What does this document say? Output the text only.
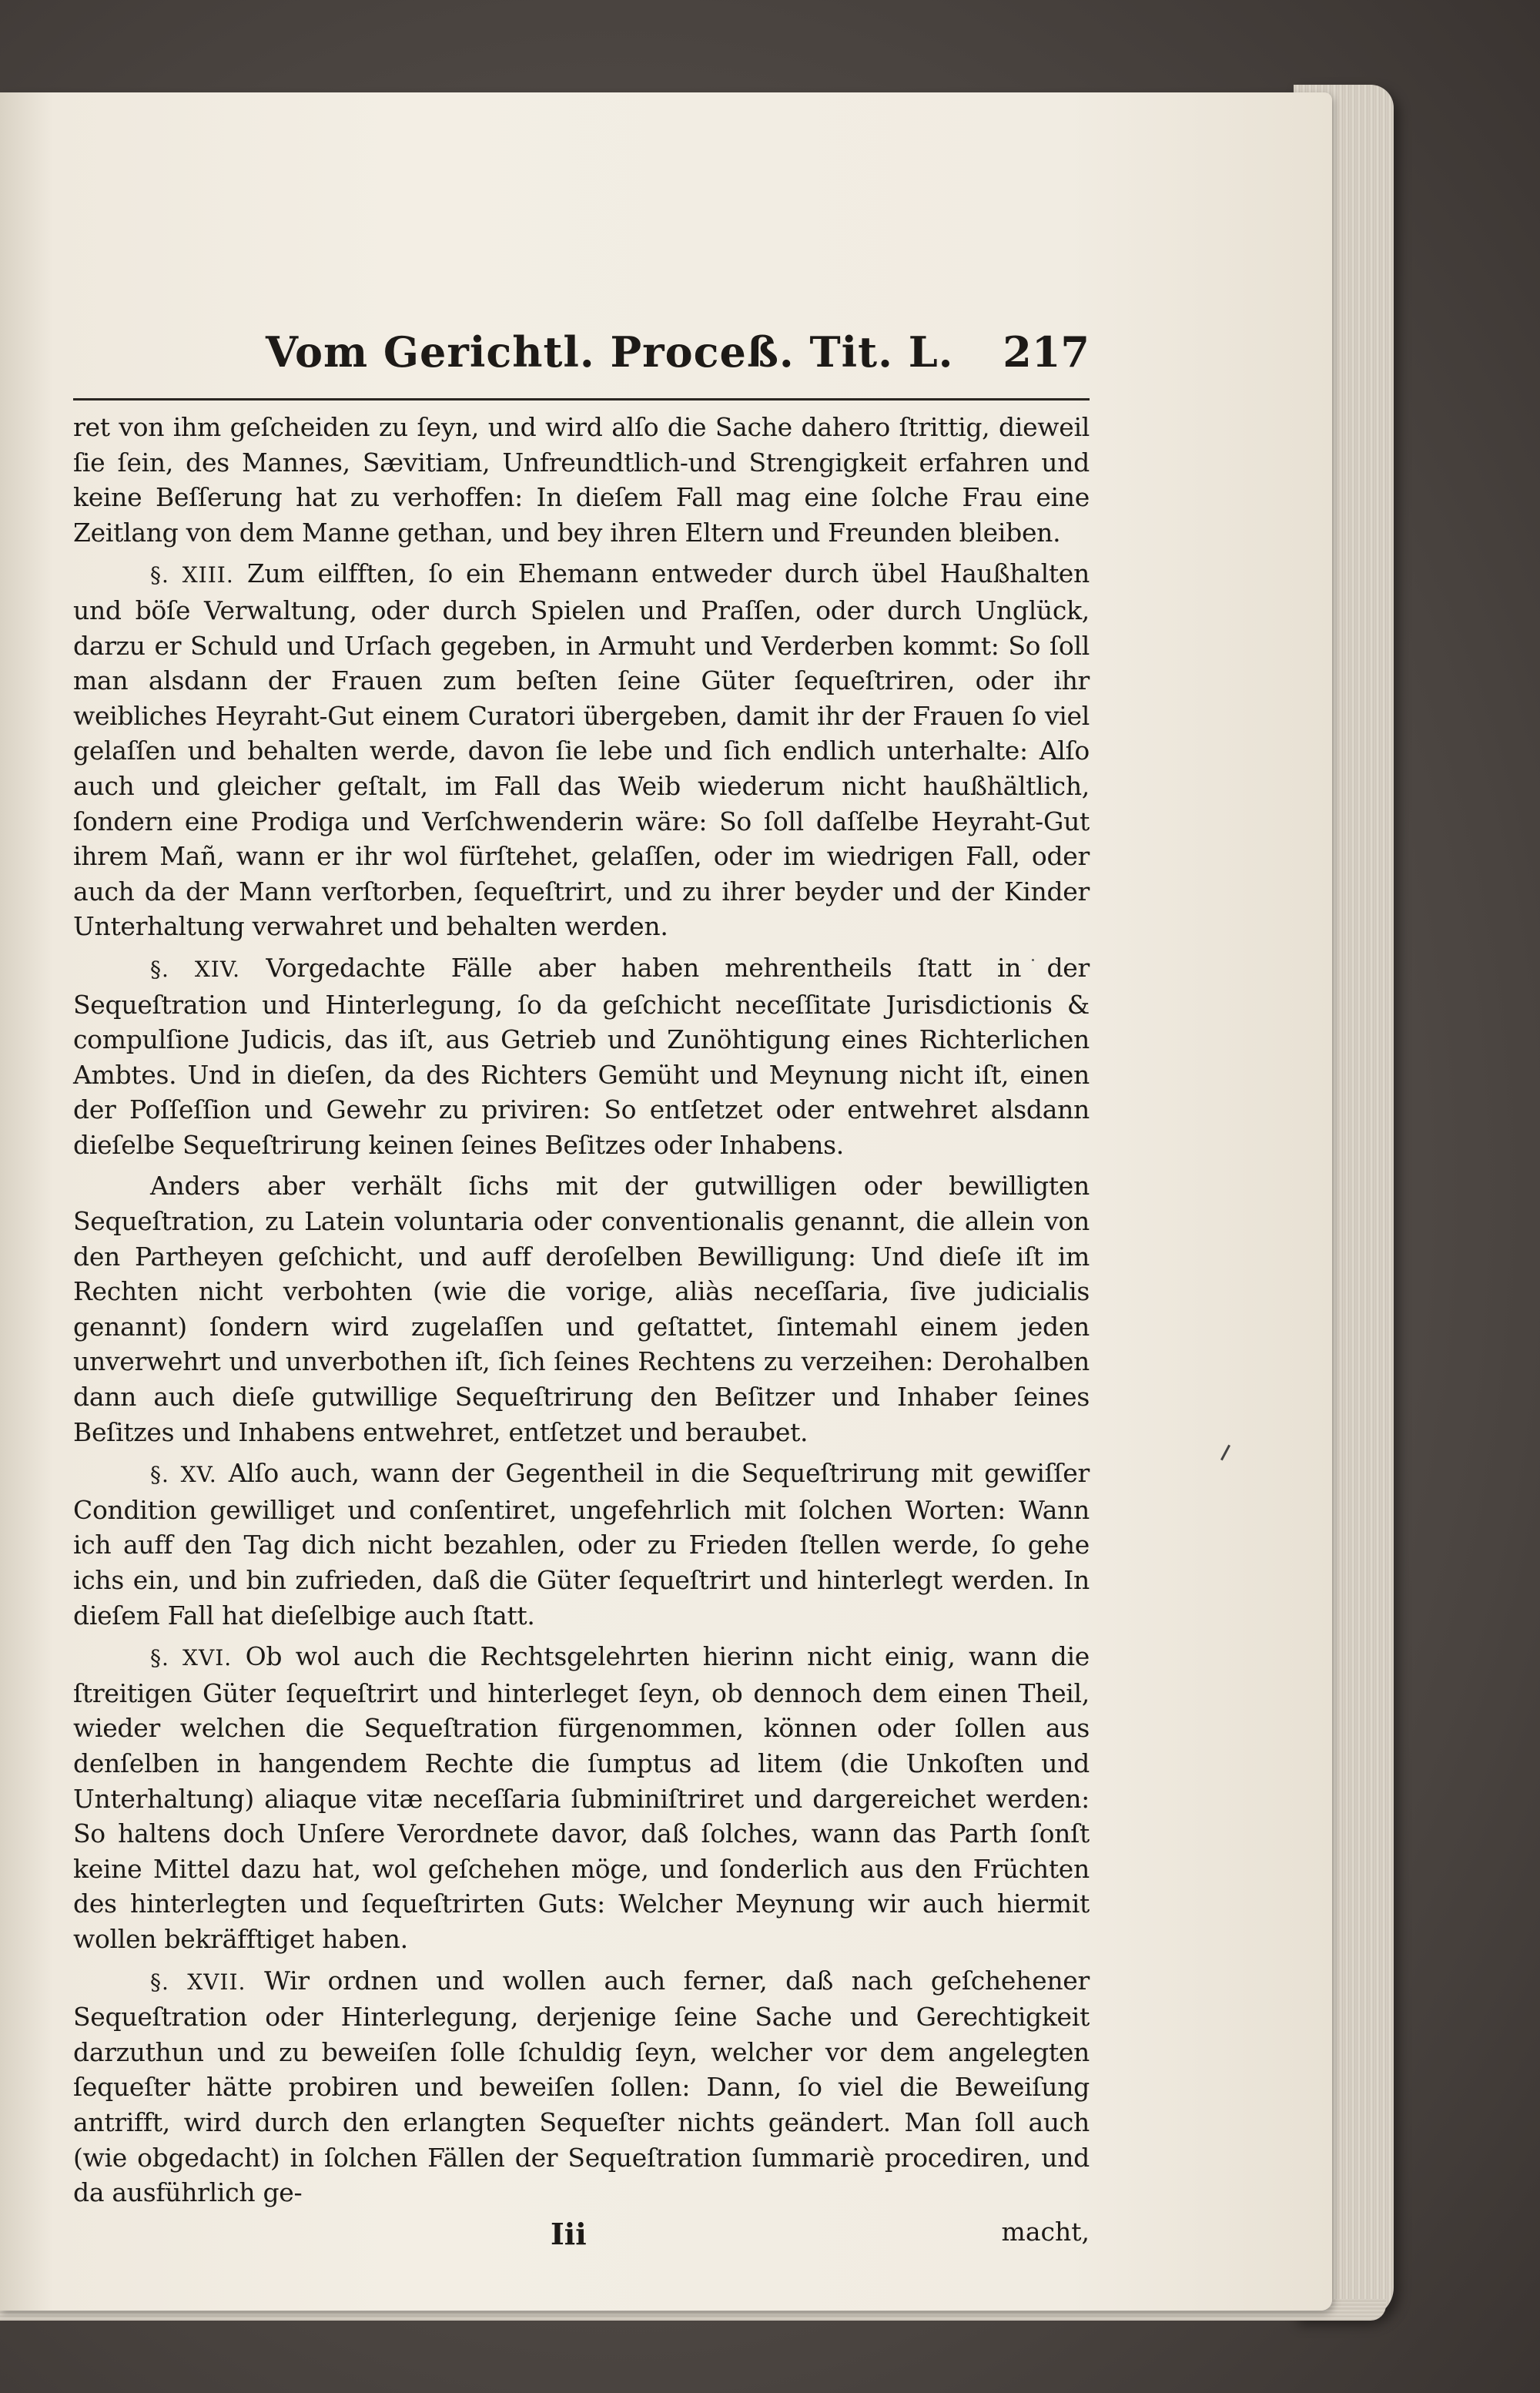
Vom Gerichtl. Proceß. Tit. L. 217

ret von ihm geſcheiden zu ſeyn, und wird alſo die Sache dahero ſtrittig, dieweil ſie ſein, des Mannes, Sævitiam, Unfreundtlich-und Strengigkeit erfahren und keine Beſſerung hat zu verhoffen: In dieſem Fall mag eine ſolche Frau eine Zeitlang von dem Manne gethan, und bey ihren Eltern und Freunden bleiben.

§. XIII. Zum eilfften, ſo ein Ehemann entweder durch übel Haußhalten und böſe Verwaltung, oder durch Spielen und Praſſen, oder durch Unglück, darzu er Schuld und Urſach gegeben, in Armuht und Verderben kommt: So ſoll man alsdann der Frauen zum beſten ſeine Güter ſequeſtriren, oder ihr weibliches Heyraht-Gut einem Curatori übergeben, damit ihr der Frauen ſo viel gelaſſen und behalten werde, davon ſie lebe und ſich endlich unterhalte: Alſo auch und gleicher geſtalt, im Fall das Weib wiederum nicht haußhältlich, ſondern eine Prodiga und Verſchwenderin wäre: So ſoll daſſelbe Heyraht-Gut ihrem Mañ, wann er ihr wol fürſtehet, gelaſſen, oder im wiedrigen Fall, oder auch da der Mann verſtorben, ſequeſtrirt, und zu ihrer beyder und der Kinder Unterhaltung verwahret und behalten werden.

§. XIV. Vorgedachte Fälle aber haben mehrentheils ſtatt in der Sequeſtration und Hinterlegung, ſo da geſchicht neceſſitate Jurisdictionis & compulſione Judicis, das iſt, aus Getrieb und Zunöhtigung eines Richterlichen Ambtes. Und in dieſen, da des Richters Gemüht und Meynung nicht iſt, einen der Poſſeſſion und Gewehr zu priviren: So entſetzet oder entwehret alsdann dieſelbe Sequeſtrirung keinen ſeines Beſitzes oder Inhabens.

Anders aber verhält ſichs mit der gutwilligen oder bewilligten Sequeſtration, zu Latein voluntaria oder conventionalis genannt, die allein von den Partheyen geſchicht, und auff deroſelben Bewilligung: Und dieſe iſt im Rechten nicht verbohten (wie die vorige, aliàs neceſſaria, ſive judicialis genannt) ſondern wird zugelaſſen und geſtattet, ſintemahl einem jeden unverwehrt und unverbothen iſt, ſich ſeines Rechtens zu verzeihen: Derohalben dann auch dieſe gutwillige Sequeſtrirung den Beſitzer und Inhaber ſeines Beſitzes und Inhabens entwehret, entſetzet und beraubet.

§. XV. Alſo auch, wann der Gegentheil in die Sequeſtrirung mit gewiſſer Condition gewilliget und conſentiret, ungefehrlich mit ſolchen Worten: Wann ich auff den Tag dich nicht bezahlen, oder zu Frieden ſtellen werde, ſo gehe ichs ein, und bin zufrieden, daß die Güter ſequeſtrirt und hinterlegt werden. In dieſem Fall hat dieſelbige auch ſtatt.

§. XVI. Ob wol auch die Rechtsgelehrten hierinn nicht einig, wann die ſtreitigen Güter ſequeſtrirt und hinterleget ſeyn, ob dennoch dem einen Theil, wieder welchen die Sequeſtration fürgenommen, können oder ſollen aus denſelben in hangendem Rechte die ſumptus ad litem (die Unkoſten und Unterhaltung) aliaque vitæ neceſſaria ſubminiſtriret und dargereichet werden: So haltens doch Unſere Verordnete davor, daß ſolches, wann das Parth ſonſt keine Mittel dazu hat, wol geſchehen möge, und ſonderlich aus den Früchten des hinterlegten und ſequeſtrirten Guts: Welcher Meynung wir auch hiermit wollen bekräfftiget haben.

§. XVII. Wir ordnen und wollen auch ferner, daß nach geſchehener Sequeſtration oder Hinterlegung, derjenige ſeine Sache und Gerechtigkeit darzuthun und zu beweiſen ſolle ſchuldig ſeyn, welcher vor dem angelegten ſequeſter hätte probiren und beweiſen ſollen: Dann, ſo viel die Beweiſung antrifft, wird durch den erlangten Sequeſter nichts geändert. Man ſoll auch (wie obgedacht) in ſolchen Fällen der Sequeſtration ſummariè procediren, und da ausführlich ge-

Iii	macht,
